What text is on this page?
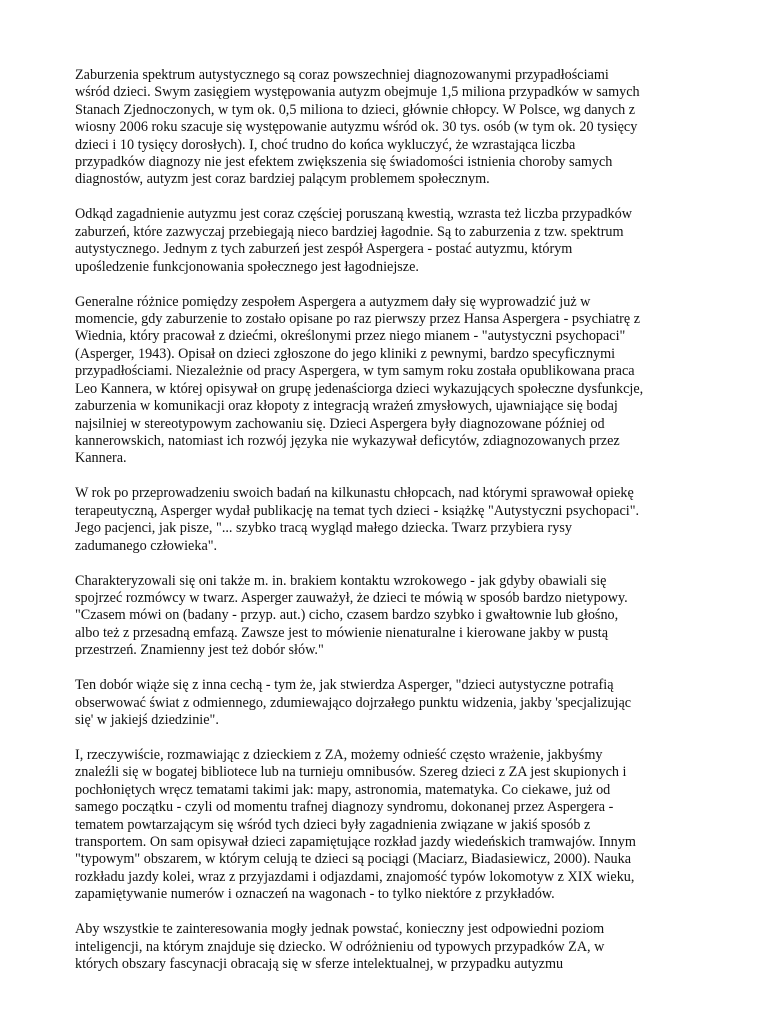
Zaburzenia spektrum autystycznego są coraz powszechniej diagnozowanymi przypadłościami
wśród dzieci. Swym zasięgiem występowania autyzm obejmuje 1,5 miliona przypadków w samych
Stanach Zjednoczonych, w tym ok. 0,5 miliona to dzieci, głównie chłopcy. W Polsce, wg danych z
wiosny 2006 roku szacuje się występowanie autyzmu wśród ok. 30 tys. osób (w tym ok. 20 tysięcy
dzieci i 10 tysięcy dorosłych). I, choć trudno do końca wykluczyć, że wzrastająca liczba
przypadków diagnozy nie jest efektem zwiększenia się świadomości istnienia choroby samych
diagnostów, autyzm jest coraz bardziej palącym problemem społecznym.

Odkąd zagadnienie autyzmu jest coraz częściej poruszaną kwestią, wzrasta też liczba przypadków
zaburzeń, które zazwyczaj przebiegają nieco bardziej łagodnie. Są to zaburzenia z tzw. spektrum
autystycznego. Jednym z tych zaburzeń jest zespół Aspergera - postać autyzmu, którym
upośledzenie funkcjonowania społecznego jest łagodniejsze.

Generalne różnice pomiędzy zespołem Aspergera a autyzmem dały się wyprowadzić już w
momencie, gdy zaburzenie to zostało opisane po raz pierwszy przez Hansa Aspergera - psychiatrę z
Wiednia, który pracował z dziećmi, określonymi przez niego mianem - "autystyczni psychopaci"
(Asperger, 1943). Opisał on dzieci zgłoszone do jego kliniki z pewnymi, bardzo specyficznymi
przypadłościami. Niezależnie od pracy Aspergera, w tym samym roku została opublikowana praca
Leo Kannera, w której opisywał on grupę jedenaściorga dzieci wykazujących społeczne dysfunkcje,
zaburzenia w komunikacji oraz kłopoty z integracją wrażeń zmysłowych, ujawniające się bodaj
najsilniej w stereotypowym zachowaniu się. Dzieci Aspergera były diagnozowane później od
kannerowskich, natomiast ich rozwój języka nie wykazywał deficytów, zdiagnozowanych przez
Kannera.

W rok po przeprowadzeniu swoich badań na kilkunastu chłopcach, nad którymi sprawował opiekę
terapeutyczną, Asperger wydał publikację na temat tych dzieci - książkę "Autystyczni psychopaci".
Jego pacjenci, jak pisze, "... szybko tracą wygląd małego dziecka. Twarz przybiera rysy
zadumanego człowieka".

Charakteryzowali się oni także m. in. brakiem kontaktu wzrokowego - jak gdyby obawiali się
spojrzeć rozmówcy w twarz. Asperger zauważył, że dzieci te mówią w sposób bardzo nietypowy.
"Czasem mówi on (badany - przyp. aut.) cicho, czasem bardzo szybko i gwałtownie lub głośno,
albo też z przesadną emfazą. Zawsze jest to mówienie nienaturalne i kierowane jakby w pustą
przestrzeń. Znamienny jest też dobór słów."

Ten dobór wiąże się z inna cechą - tym że, jak stwierdza Asperger, "dzieci autystyczne potrafią
obserwować świat z odmiennego, zdumiewająco dojrzałego punktu widzenia, jakby 'specjalizując
się' w jakiejś dziedzinie".

I, rzeczywiście, rozmawiając z dzieckiem z ZA, możemy odnieść często wrażenie, jakbyśmy
znaleźli się w bogatej bibliotece lub na turnieju omnibusów. Szereg dzieci z ZA jest skupionych i
pochłoniętych wręcz tematami takimi jak: mapy, astronomia, matematyka. Co ciekawe, już od
samego początku - czyli od momentu trafnej diagnozy syndromu, dokonanej przez Aspergera -
tematem powtarzającym się wśród tych dzieci były zagadnienia związane w jakiś sposób z
transportem. On sam opisywał dzieci zapamiętujące rozkład jazdy wiedeńskich tramwajów. Innym
"typowym" obszarem, w którym celują te dzieci są pociągi (Maciarz, Biadasiewicz, 2000). Nauka
rozkładu jazdy kolei, wraz z przyjazdami i odjazdami, znajomość typów lokomotyw z XIX wieku,
zapamiętywanie numerów i oznaczeń na wagonach - to tylko niektóre z przykładów.

Aby wszystkie te zainteresowania mogły jednak powstać, konieczny jest odpowiedni poziom
inteligencji, na którym znajduje się dziecko. W odróżnieniu od typowych przypadków ZA, w
których obszary fascynacji obracają się w sferze intelektualnej, w przypadku autyzmu
